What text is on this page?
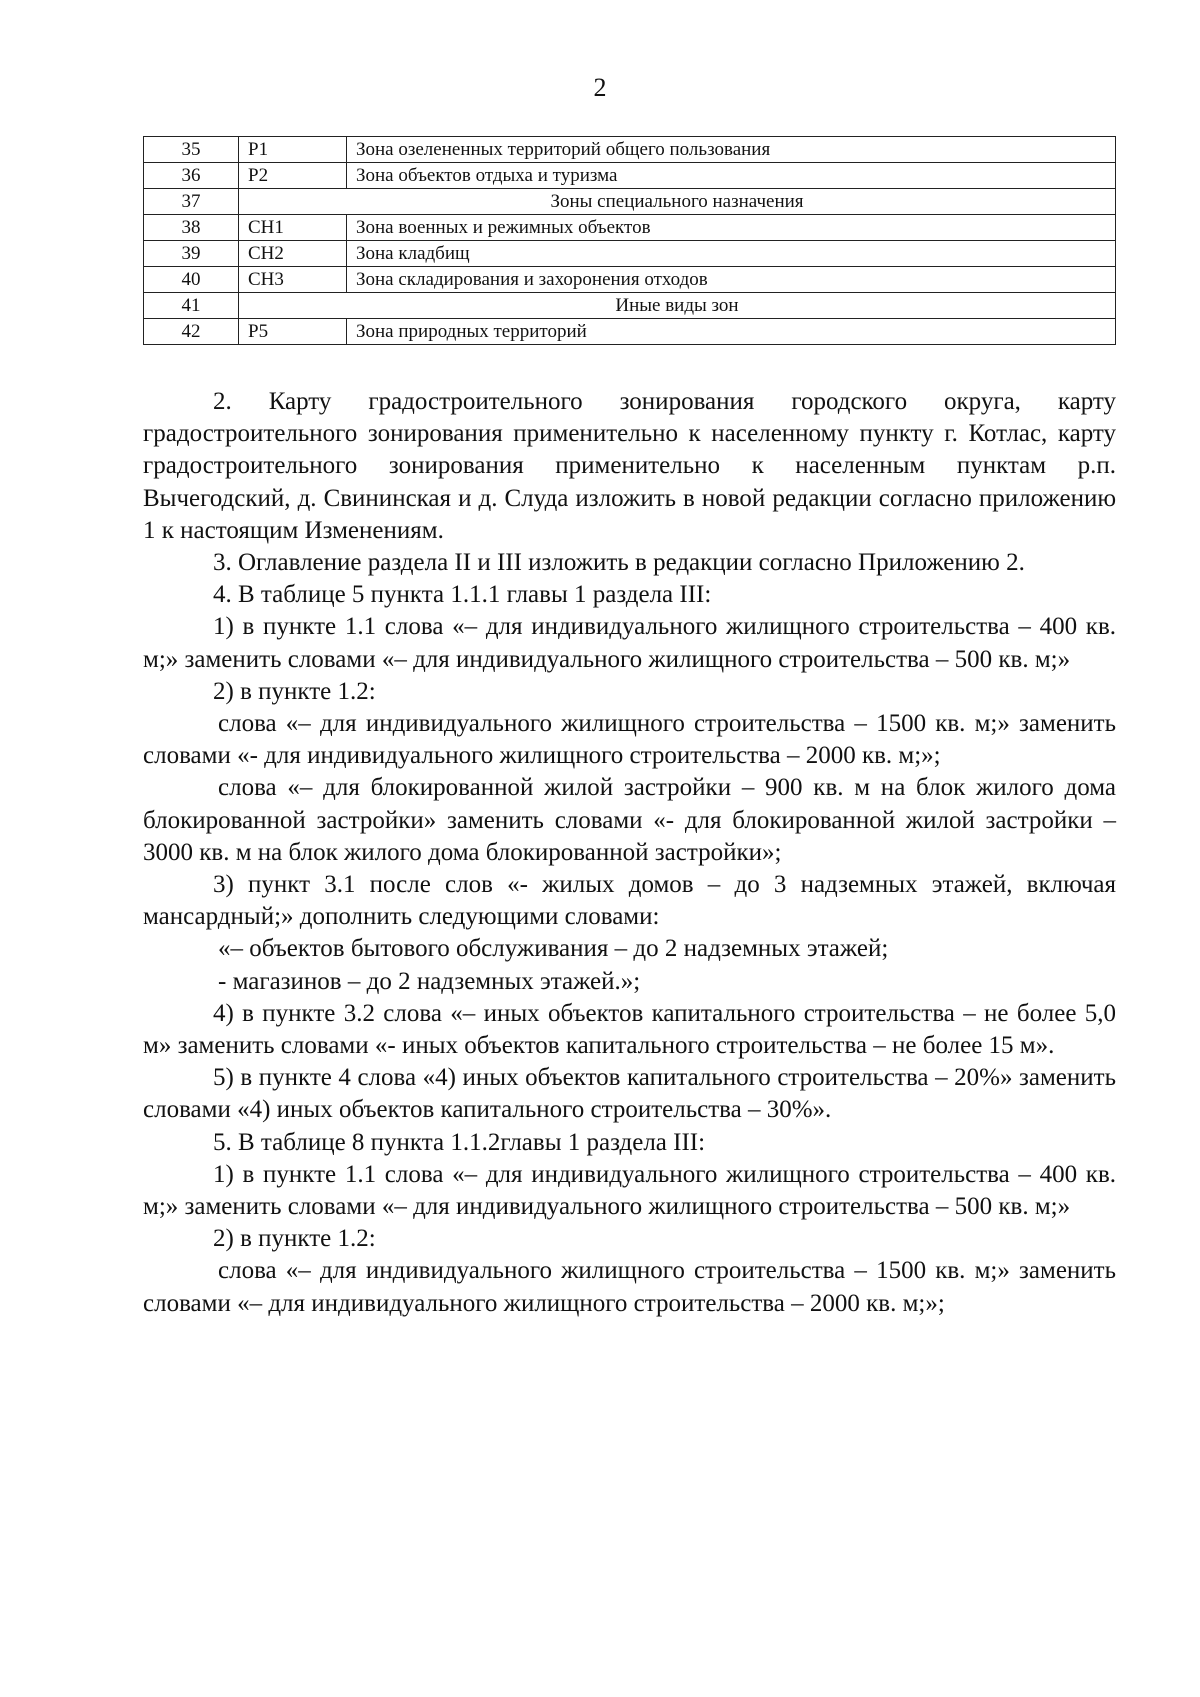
2
35	Р1	Зона озелененных территорий общего пользования
36	Р2	Зона объектов отдыха и туризма
37	Зоны специального назначения	
38	СН1	Зона военных и режимных объектов
39	СН2	Зона кладбищ
40	СН3	Зона складирования и захоронения отходов
41	Иные виды зон	
42	Р5	Зона природных территорий

2. Карту градостроительного зонирования городского округа, карту градостроительного зонирования применительно к населенному пункту г. Котлас, карту градостроительного зонирования применительно к населенным пунктам р.п. Вычегодский, д. Свининская и д. Слуда изложить в новой редакции согласно приложению 1 к настоящим Изменениям.

3. Оглавление раздела II и III изложить в редакции согласно Приложению 2.

4. В таблице 5 пункта 1.1.1 главы 1 раздела III:

1) в пункте 1.1 слова «– для индивидуального жилищного строительства – 400 кв. м;» заменить словами «– для индивидуального жилищного строительства – 500 кв. м;»

2) в пункте 1.2:

слова «– для индивидуального жилищного строительства – 1500 кв. м;» заменить словами «- для индивидуального жилищного строительства – 2000 кв. м;»;

слова «– для блокированной жилой застройки – 900 кв. м на блок жилого дома блокированной застройки» заменить словами «- для блокированной жилой застройки – 3000 кв. м на блок жилого дома блокированной застройки»;

3) пункт 3.1 после слов «- жилых домов – до 3 надземных этажей, включая мансардный;» дополнить следующими словами:

«– объектов бытового обслуживания – до 2 надземных этажей;

- магазинов – до 2 надземных этажей.»;

4) в пункте 3.2 слова «– иных объектов капитального строительства – не более 5,0 м» заменить словами «- иных объектов капитального строительства – не более 15 м».

5) в пункте 4 слова «4) иных объектов капитального строительства – 20%» заменить словами «4) иных объектов капитального строительства – 30%».

5. В таблице 8 пункта 1.1.2главы 1 раздела III:

1) в пункте 1.1 слова «– для индивидуального жилищного строительства – 400 кв. м;» заменить словами «– для индивидуального жилищного строительства – 500 кв. м;»

2) в пункте 1.2:

слова «– для индивидуального жилищного строительства – 1500 кв. м;» заменить словами «– для индивидуального жилищного строительства – 2000 кв. м;»;
